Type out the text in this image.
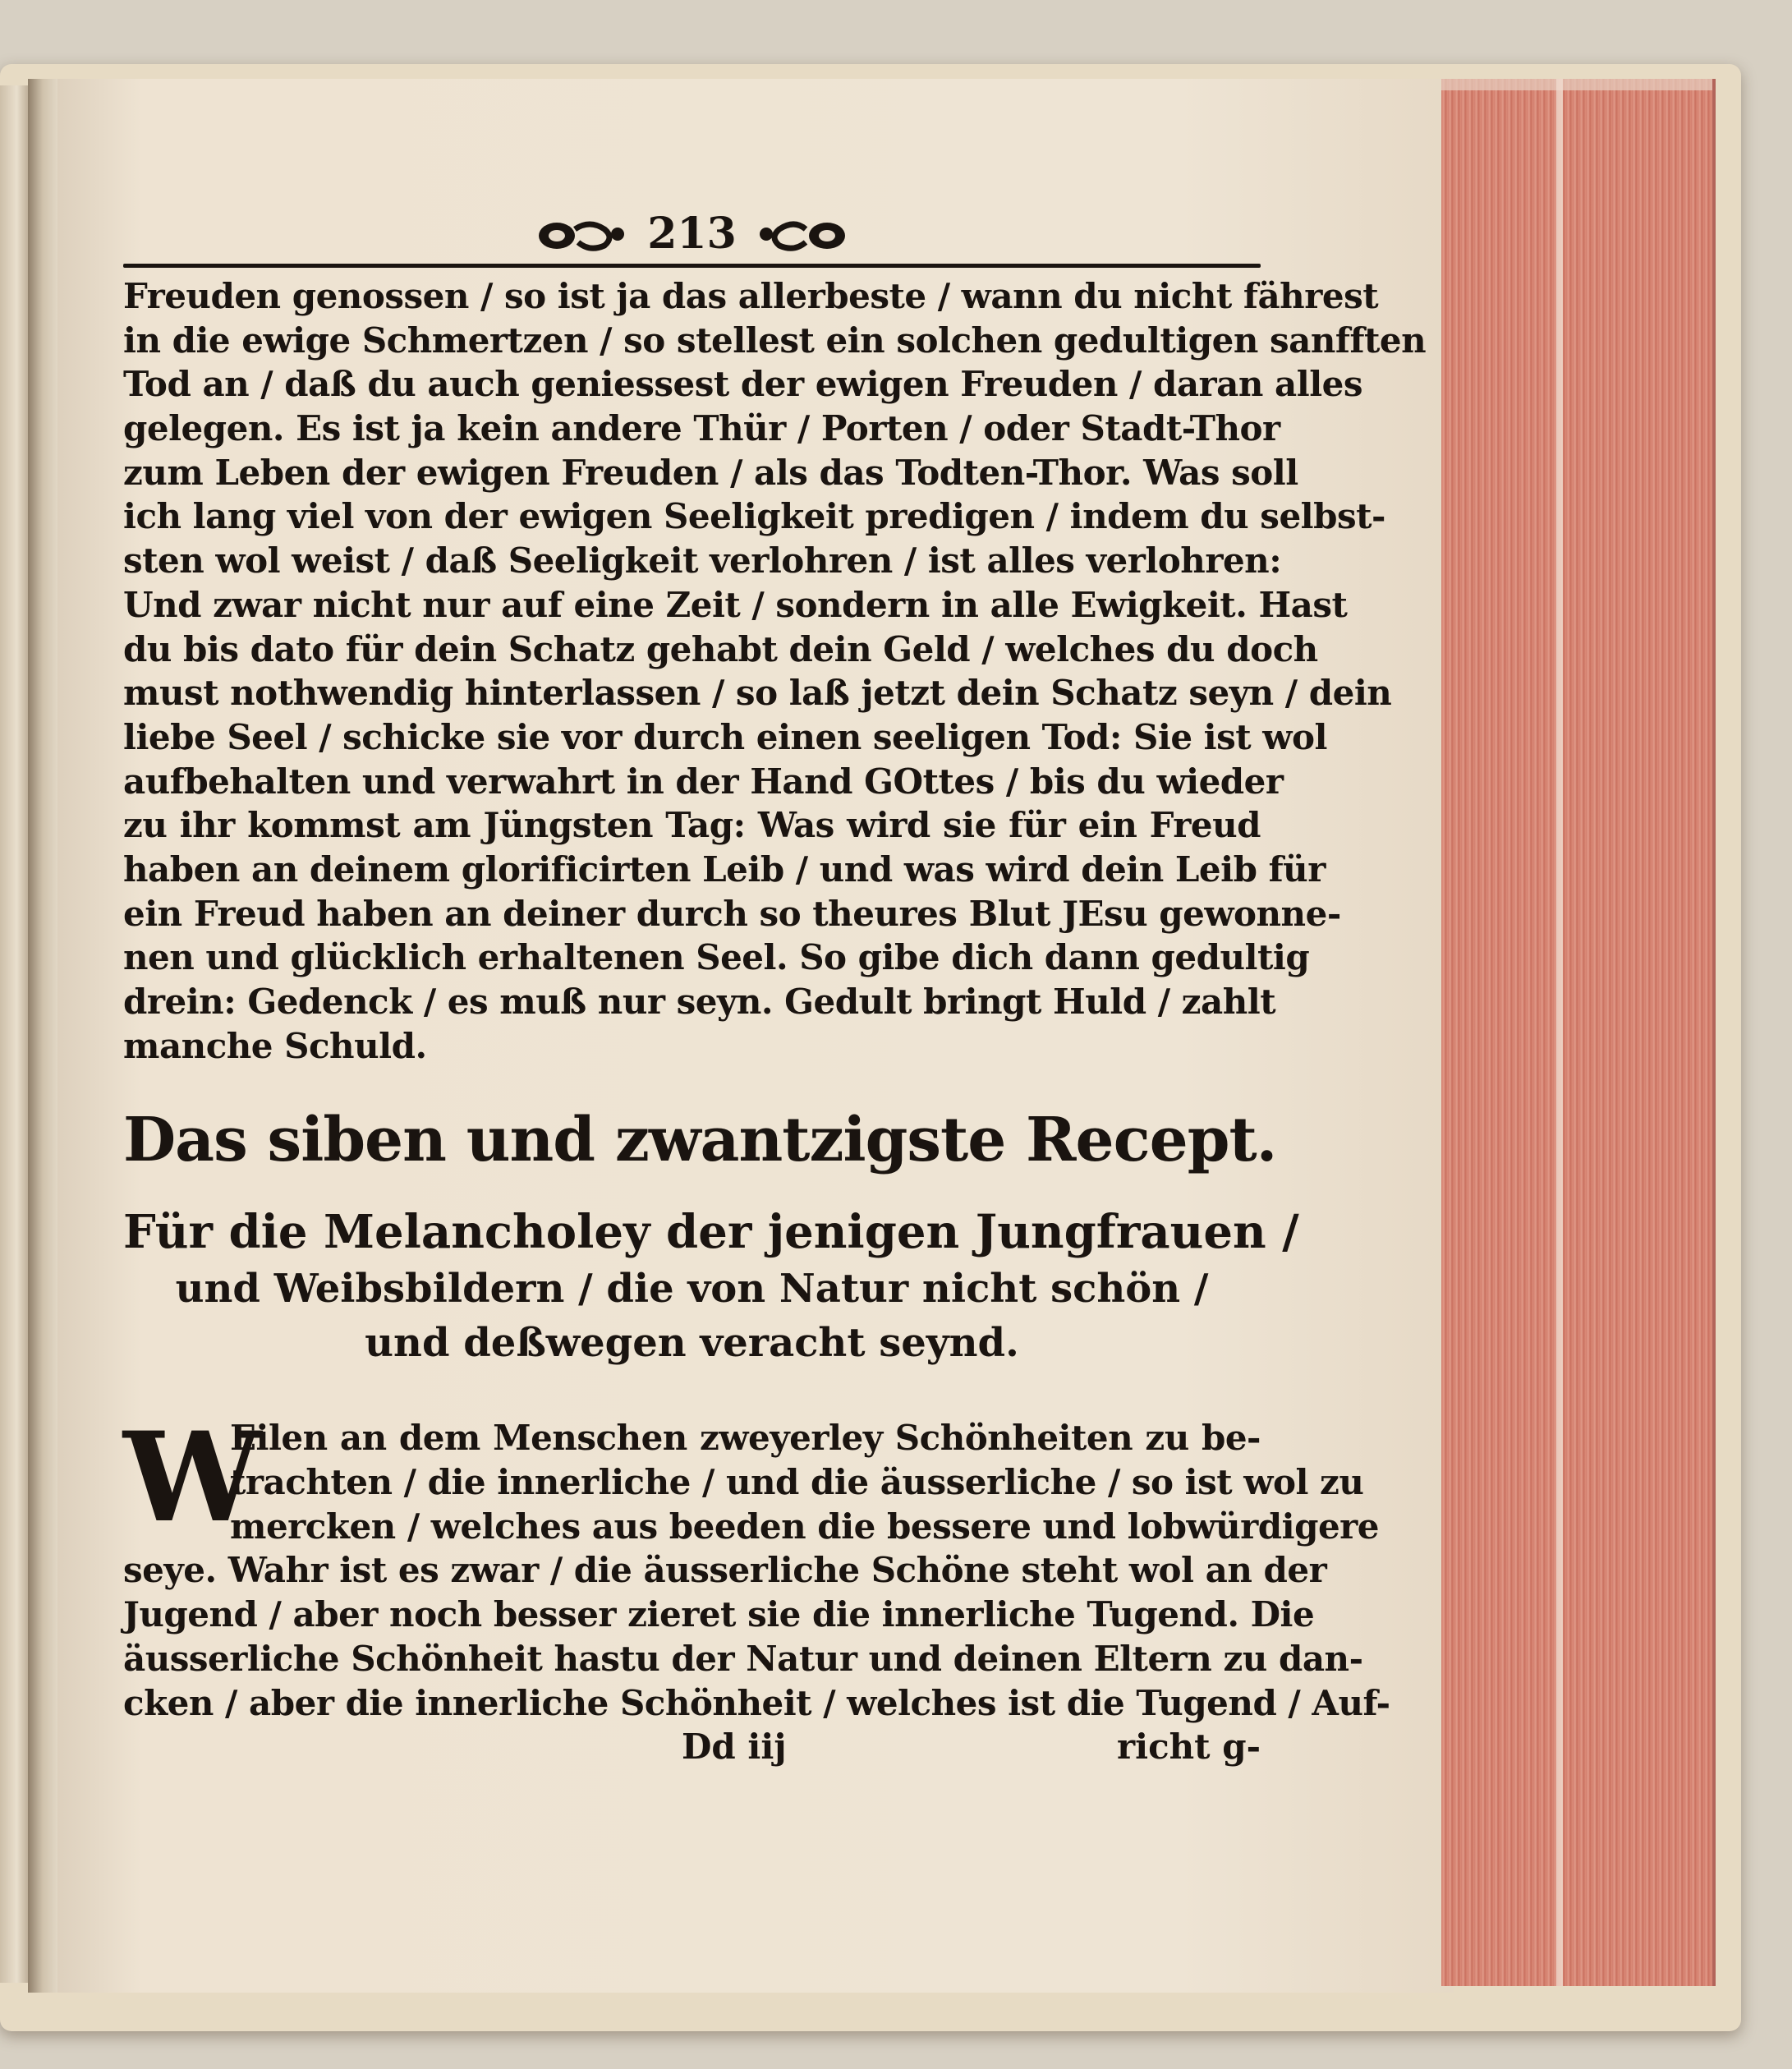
213
Freuden genossen / so ist ja das allerbeste / wann du nicht fährest
in die ewige Schmertzen / so stellest ein solchen gedultigen sanfften
Tod an / daß du auch geniessest der ewigen Freuden / daran alles
gelegen. Es ist ja kein andere Thür / Porten / oder Stadt-Thor
zum Leben der ewigen Freuden / als das Todten-Thor. Was soll
ich lang viel von der ewigen Seeligkeit predigen / indem du selbst-
sten wol weist / daß Seeligkeit verlohren / ist alles verlohren:
Und zwar nicht nur auf eine Zeit / sondern in alle Ewigkeit. Hast
du bis dato für dein Schatz gehabt dein Geld / welches du doch
must nothwendig hinterlassen / so laß jetzt dein Schatz seyn / dein
liebe Seel / schicke sie vor durch einen seeligen Tod: Sie ist wol
aufbehalten und verwahrt in der Hand GOttes / bis du wieder
zu ihr kommst am Jüngsten Tag: Was wird sie für ein Freud
haben an deinem glorificirten Leib / und was wird dein Leib für
ein Freud haben an deiner durch so theures Blut JEsu gewonne-
nen und glücklich erhaltenen Seel. So gibe dich dann gedultig
drein: Gedenck / es muß nur seyn. Gedult bringt Huld / zahlt
manche Schuld.
Das siben und zwantzigste Recept.
Für die Melancholey der jenigen Jungfrauen /
und Weibsbildern / die von Natur nicht schön /
und deßwegen veracht seynd.
W
Eilen an dem Menschen zweyerley Schönheiten zu be-
trachten / die innerliche / und die äusserliche / so ist wol zu
mercken / welches aus beeden die bessere und lobwürdigere
seye. Wahr ist es zwar / die äusserliche Schöne steht wol an der
Jugend / aber noch besser zieret sie die innerliche Tugend. Die
äusserliche Schönheit hastu der Natur und deinen Eltern zu dan-
cken / aber die innerliche Schönheit / welches ist die Tugend / Auf-
Dd iij	richt g-
